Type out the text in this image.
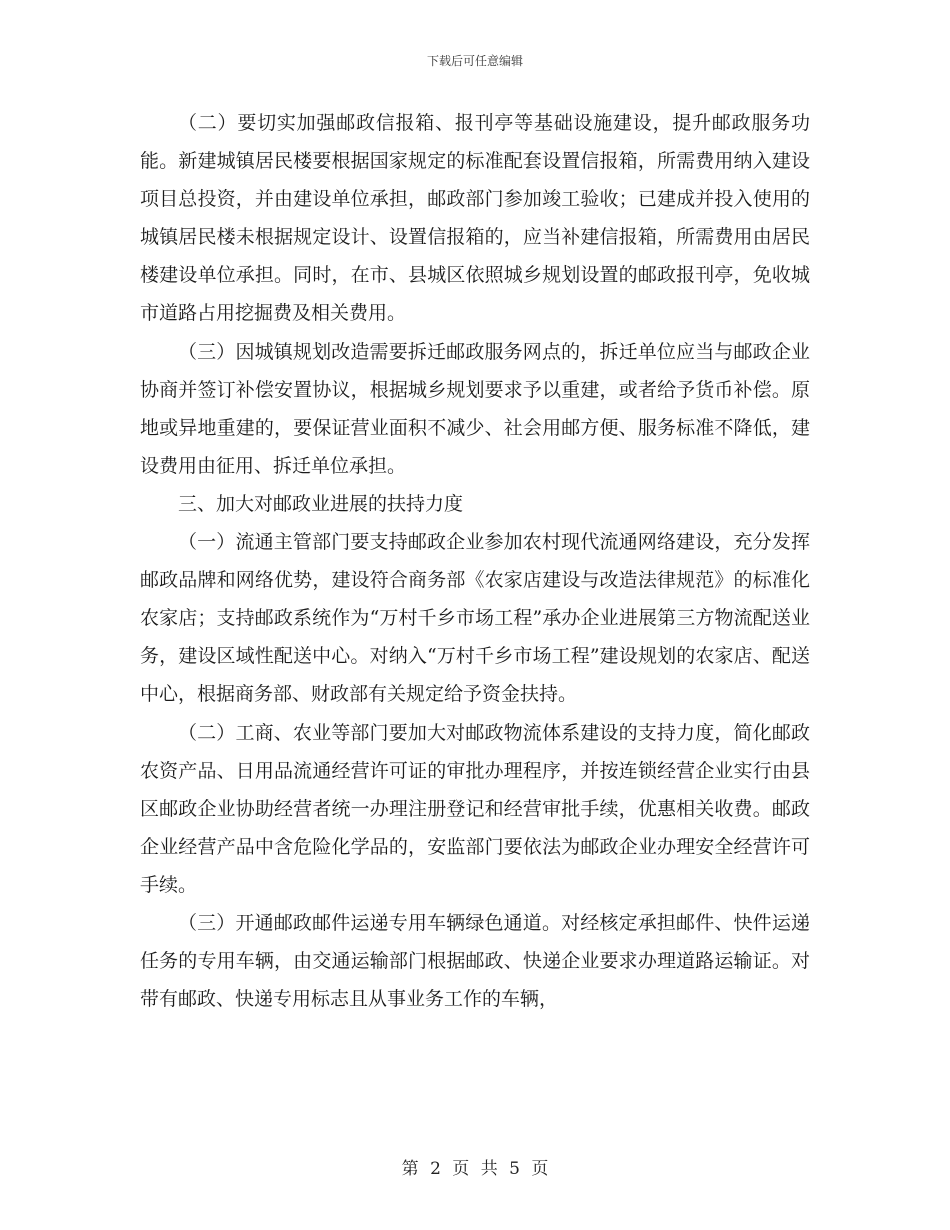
下载后可任意编辑

（二）要切实加强邮政信报箱、报刊亭等基础设施建设，提升邮政服务功能。新建城镇居民楼要根据国家规定的标准配套设置信报箱，所需费用纳入建设项目总投资，并由建设单位承担，邮政部门参加竣工验收；已建成并投入使用的城镇居民楼未根据规定设计、设置信报箱的，应当补建信报箱，所需费用由居民楼建设单位承担。同时，在市、县城区依照城乡规划设置的邮政报刊亭，免收城市道路占用挖掘费及相关费用。

（三）因城镇规划改造需要拆迁邮政服务网点的，拆迁单位应当与邮政企业协商并签订补偿安置协议，根据城乡规划要求予以重建，或者给予货币补偿。原地或异地重建的，要保证营业面积不减少、社会用邮方便、服务标准不降低，建设费用由征用、拆迁单位承担。

三、加大对邮政业进展的扶持力度

（一）流通主管部门要支持邮政企业参加农村现代流通网络建设，充分发挥邮政品牌和网络优势，建设符合商务部《农家店建设与改造法律规范》的标准化农家店；支持邮政系统作为“万村千乡市场工程”承办企业进展第三方物流配送业务，建设区域性配送中心。对纳入“万村千乡市场工程”建设规划的农家店、配送中心，根据商务部、财政部有关规定给予资金扶持。

（二）工商、农业等部门要加大对邮政物流体系建设的支持力度，简化邮政农资产品、日用品流通经营许可证的审批办理程序，并按连锁经营企业实行由县区邮政企业协助经营者统一办理注册登记和经营审批手续，优惠相关收费。邮政企业经营产品中含危险化学品的，安监部门要依法为邮政企业办理安全经营许可手续。

（三）开通邮政邮件运递专用车辆绿色通道。对经核定承担邮件、快件运递任务的专用车辆，由交通运输部门根据邮政、快递企业要求办理道路运输证。对带有邮政、快递专用标志且从事业务工作的车辆，

第 2 页 共 5 页
